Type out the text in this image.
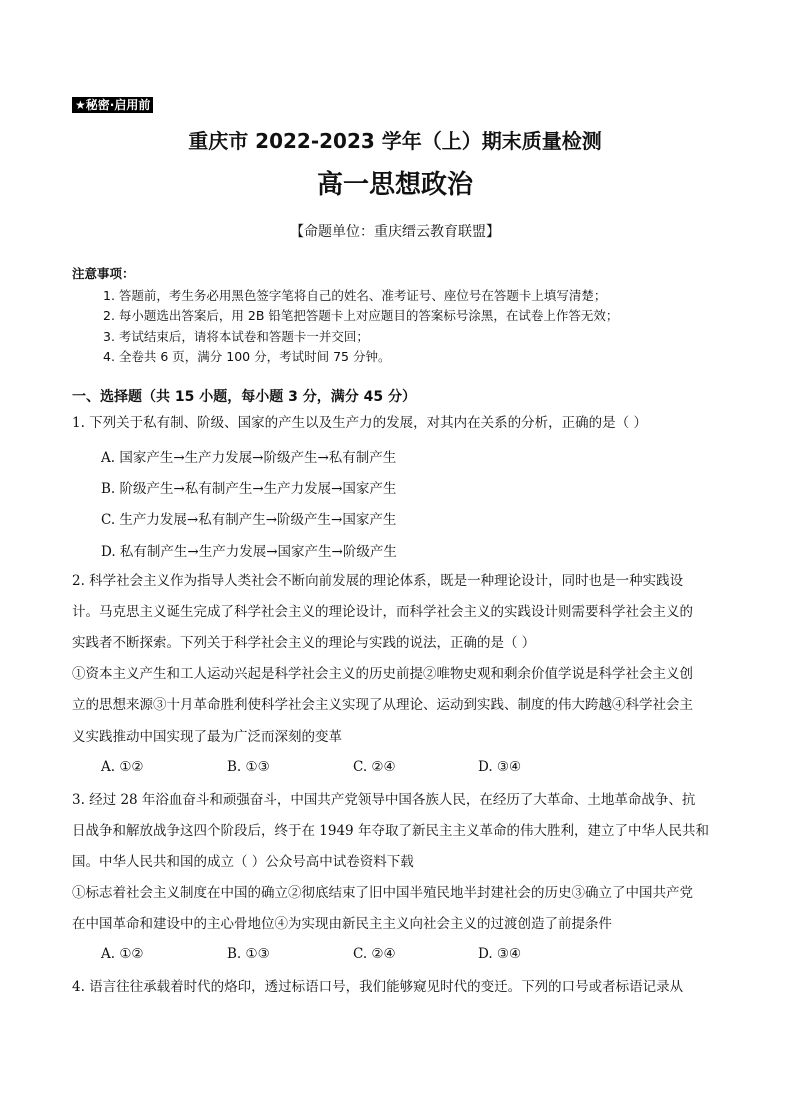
★秘密·启用前
重庆市 2022-2023 学年（上）期末质量检测
高一思想政治
【命题单位：重庆缙云教育联盟】
注意事项：
1. 答题前，考生务必用黑色签字笔将自己的姓名、准考证号、座位号在答题卡上填写清楚；
2. 每小题选出答案后，用 2B 铅笔把答题卡上对应题目的答案标号涂黑，在试卷上作答无效；
3. 考试结束后，请将本试卷和答题卡一并交回；
4. 全卷共 6 页，满分 100 分，考试时间 75 分钟。
一、选择题（共 15 小题，每小题 3 分，满分 45 分）
1. 下列关于私有制、阶级、国家的产生以及生产力的发展，对其内在关系的分析，正确的是（ ）
A. 国家产生→生产力发展→阶级产生→私有制产生
B. 阶级产生→私有制产生→生产力发展→国家产生
C. 生产力发展→私有制产生→阶级产生→国家产生
D. 私有制产生→生产力发展→国家产生→阶级产生
2. 科学社会主义作为指导人类社会不断向前发展的理论体系，既是一种理论设计，同时也是一种实践设
计。马克思主义诞生完成了科学社会主义的理论设计，而科学社会主义的实践设计则需要科学社会主义的
实践者不断探索。下列关于科学社会主义的理论与实践的说法，正确的是（ ）
①资本主义产生和工人运动兴起是科学社会主义的历史前提②唯物史观和剩余价值学说是科学社会主义创
立的思想来源③十月革命胜利使科学社会主义实现了从理论、运动到实践、制度的伟大跨越④科学社会主
义实践推动中国实现了最为广泛而深刻的变革
A. ①②	B. ①③	C. ②④	D. ③④
3. 经过 28 年浴血奋斗和顽强奋斗，中国共产党领导中国各族人民，在经历了大革命、土地革命战争、抗
日战争和解放战争这四个阶段后，终于在 1949 年夺取了新民主主义革命的伟大胜利，建立了中华人民共和
国。中华人民共和国的成立（ ）公众号高中试卷资料下载
①标志着社会主义制度在中国的确立②彻底结束了旧中国半殖民地半封建社会的历史③确立了中国共产党
在中国革命和建设中的主心骨地位④为实现由新民主主义向社会主义的过渡创造了前提条件
A. ①②	B. ①③	C. ②④	D. ③④
4. 语言往往承载着时代的烙印，透过标语口号，我们能够窥见时代的变迁。下列的口号或者标语记录从
